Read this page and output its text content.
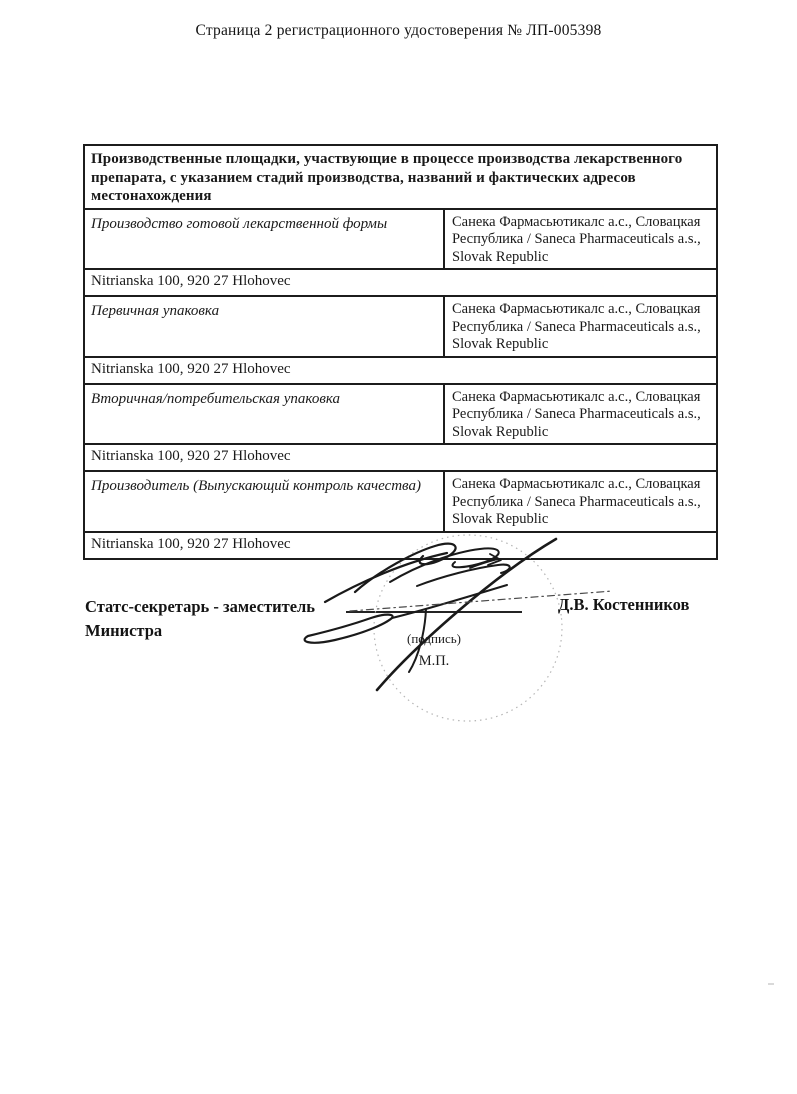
Страница 2 регистрационного удостоверения № ЛП-005398
Производственные площадки, участвующие в процессе производства лекарственного препарата, с указанием стадий производства, названий и фактических адресов местонахождения	
Производство готовой лекарственной формы	Санека Фармасьютикалс а.с., Словацкая Республика / Saneca Pharmaceuticals a.s., Slovak Republic
Nitrianska 100, 920 27 Hlohovec	
Первичная упаковка	Санека Фармасьютикалс а.с., Словацкая Республика / Saneca Pharmaceuticals a.s., Slovak Republic
Nitrianska 100, 920 27 Hlohovec	
Вторичная/потребительская упаковка	Санека Фармасьютикалс а.с., Словацкая Республика / Saneca Pharmaceuticals a.s., Slovak Republic
Nitrianska 100, 920 27 Hlohovec	
Производитель (Выпускающий контроль качества)	Санека Фармасьютикалс а.с., Словацкая Республика / Saneca Pharmaceuticals a.s., Slovak Republic
Nitrianska 100, 920 27 Hlohovec	
Статс-секретарь - заместитель Министра
Д.В. Костенников
(подпись)
М.П.
